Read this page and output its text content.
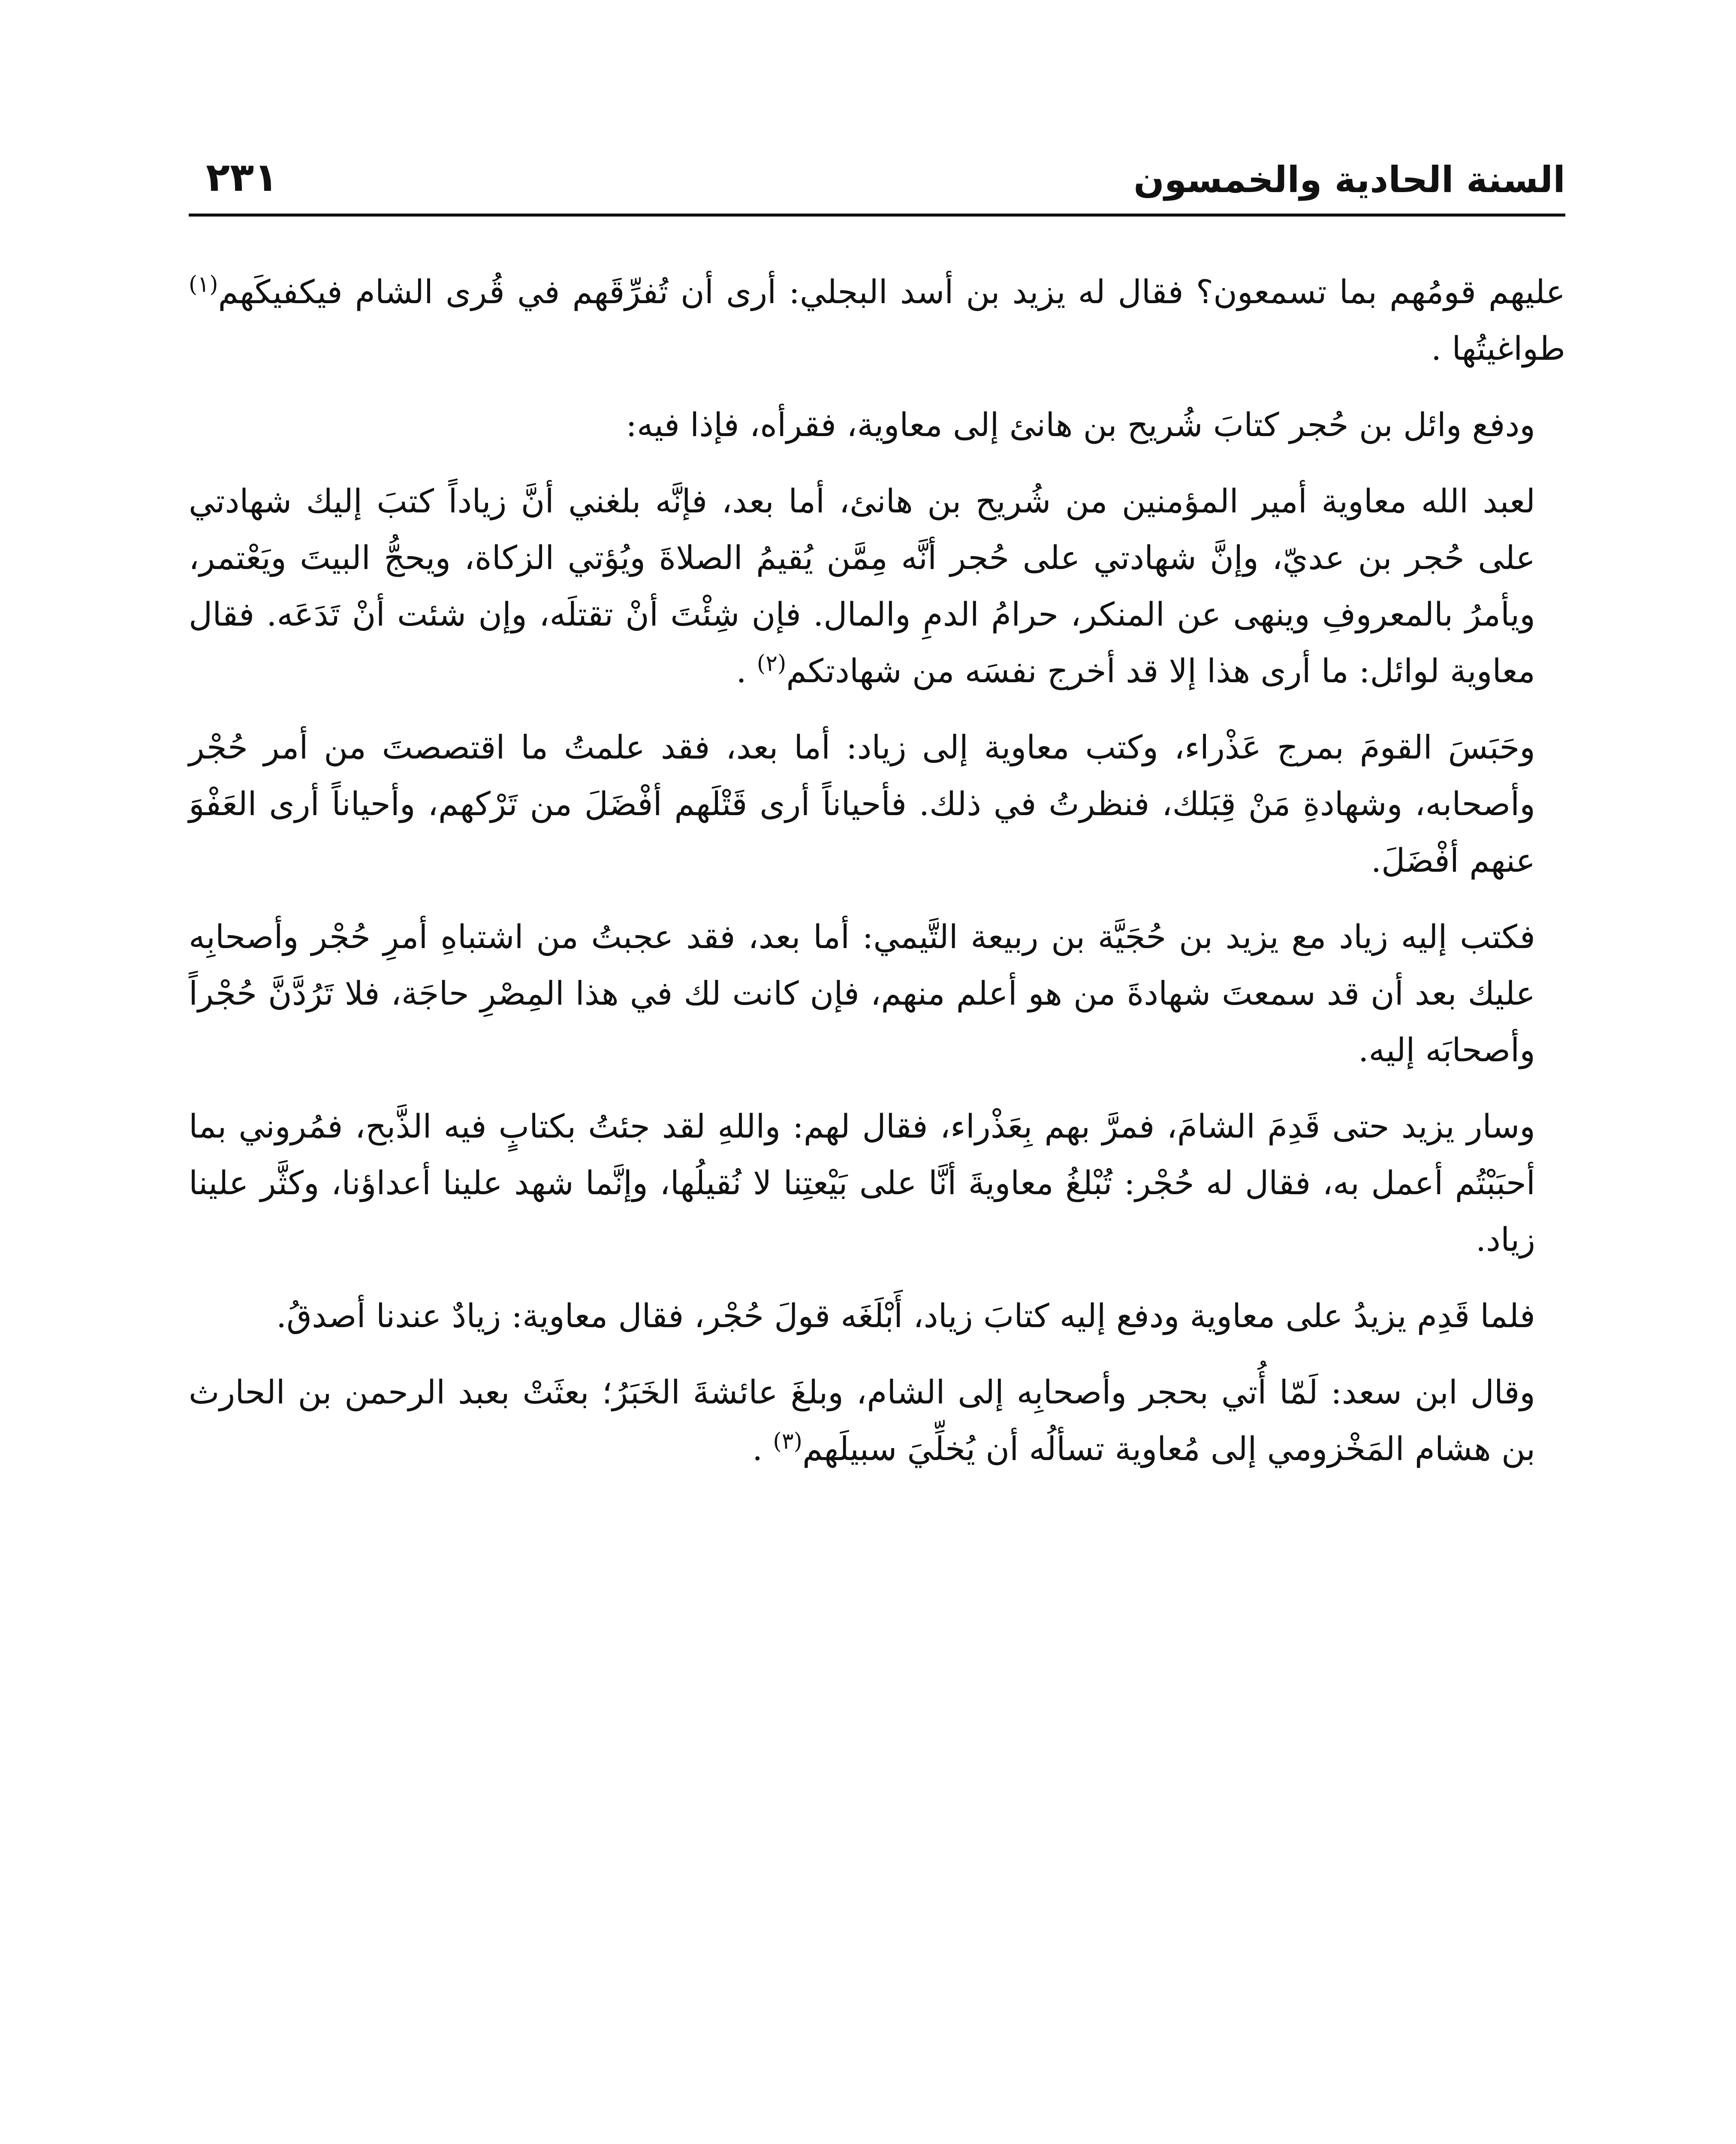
السنة الحادية والخمسون
٢٣١

عليهم قومُهم بما تسمعون؟ فقال له يزيد بن أسد البجلي: أرى أن تُفرِّقَهم في قُرى الشام فيكفيكَهم$^{(١)}$ طواغيتُها .

ودفع وائل بن حُجر كتابَ شُريح بن هانئ إلى معاوية، فقرأه، فإذا فيه:

لعبد الله معاوية أمير المؤمنين من شُريح بن هانئ، أما بعد، فإنَّه بلغني أنَّ زياداً كتبَ إليك شهادتي على حُجر بن عديّ، وإنَّ شهادتي على حُجر أنَّه مِمَّن يُقيمُ الصلاةَ ويُؤتي الزكاة، ويحجُّ البيتَ ويَعْتمر، ويأمرُ بالمعروفِ وينهى عن المنكر، حرامُ الدمِ والمال. فإن شِئْتَ أنْ تقتلَه، وإن شئت أنْ تَدَعَه. فقال معاوية لوائل: ما أرى هذا إلا قد أخرج نفسَه من شهادتكم$^{(٢)}$ .

وحَبَسَ القومَ بمرج عَذْراء، وكتب معاوية إلى زياد: أما بعد، فقد علمتُ ما اقتصصتَ من أمر حُجْر وأصحابه، وشهادةِ مَنْ قِبَلك، فنظرتُ في ذلك. فأحياناً أرى قَتْلَهم أفْضَلَ من تَرْكهم، وأحياناً أرى العَفْوَ عنهم أفْضَلَ.

فكتب إليه زياد مع يزيد بن حُجَيَّة بن ربيعة التَّيمي: أما بعد، فقد عجبتُ من اشتباهِ أمرِ حُجْر وأصحابِه عليك بعد أن قد سمعتَ شهادةَ من هو أعلم منهم، فإن كانت لك في هذا المِصْرِ حاجَة، فلا تَرُدَّنَّ حُجْراً وأصحابَه إليه.

وسار يزيد حتى قَدِمَ الشامَ، فمرَّ بهم بِعَذْراء، فقال لهم: واللهِ لقد جئتُ بكتابٍ فيه الذَّبح، فمُروني بما أحبَبْتُم أعمل به، فقال له حُجْر: تُبْلغُ معاويةَ أنَّا على بَيْعتِنا لا نُقيلُها، وإنَّما شهد علينا أعداؤنا، وكثَّر علينا زياد.

فلما قَدِم يزيدُ على معاوية ودفع إليه كتابَ زياد، أَبْلَغَه قولَ حُجْر، فقال معاوية: زيادٌ عندنا أصدقُ.

وقال ابن سعد: لَمّا أُتي بحجر وأصحابِه إلى الشام، وبلغَ عائشةَ الخَبَرُ؛ بعثَتْ بعبد الرحمن بن الحارث بن هشام المَخْزومي إلى مُعاوية تسألُه أن يُخلِّيَ سبيلَهم$^{(٣)}$ .
